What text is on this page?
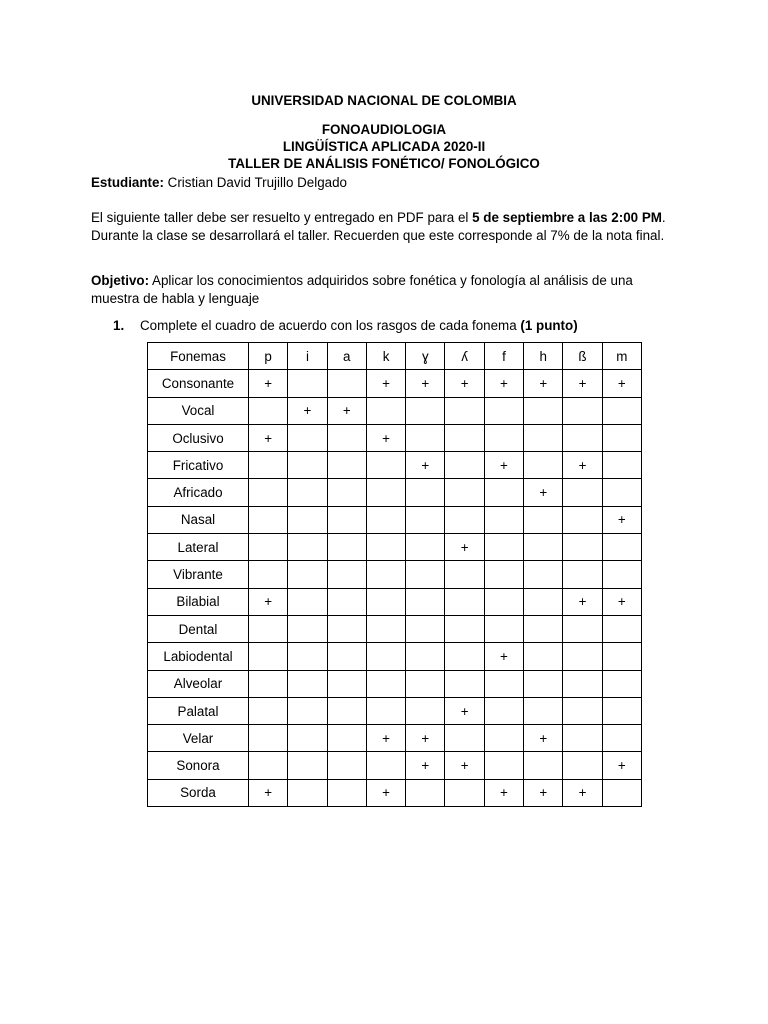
UNIVERSIDAD NACIONAL DE COLOMBIA
FONOAUDIOLOGIA
LINGÜÍSTICA APLICADA 2020-II
TALLER DE ANÁLISIS FONÉTICO/ FONOLÓGICO
Estudiante: Cristian David Trujillo Delgado
El siguiente taller debe ser resuelto y entregado en PDF para el 5 de septiembre a las 2:00 PM. Durante la clase se desarrollará el taller. Recuerden que este corresponde al 7% de la nota final.
Objetivo: Aplicar los conocimientos adquiridos sobre fonética y fonología al análisis de una muestra de habla y lenguaje
1. Complete el cuadro de acuerdo con los rasgos de cada fonema (1 punto)
Fonemas	p	i	a	k	ɣ	ʎ	f	h	ß	m
Consonante	+			+	+	+	+	+	+	+
Vocal		+	+							
Oclusivo	+			+						
Fricativo					+		+		+	
Africado								+		
Nasal										+
Lateral						+				
Vibrante										
Bilabial	+								+	+
Dental										
Labiodental							+			
Alveolar										
Palatal						+				
Velar				+	+			+		
Sonora					+	+				+
Sorda	+			+			+	+	+	
